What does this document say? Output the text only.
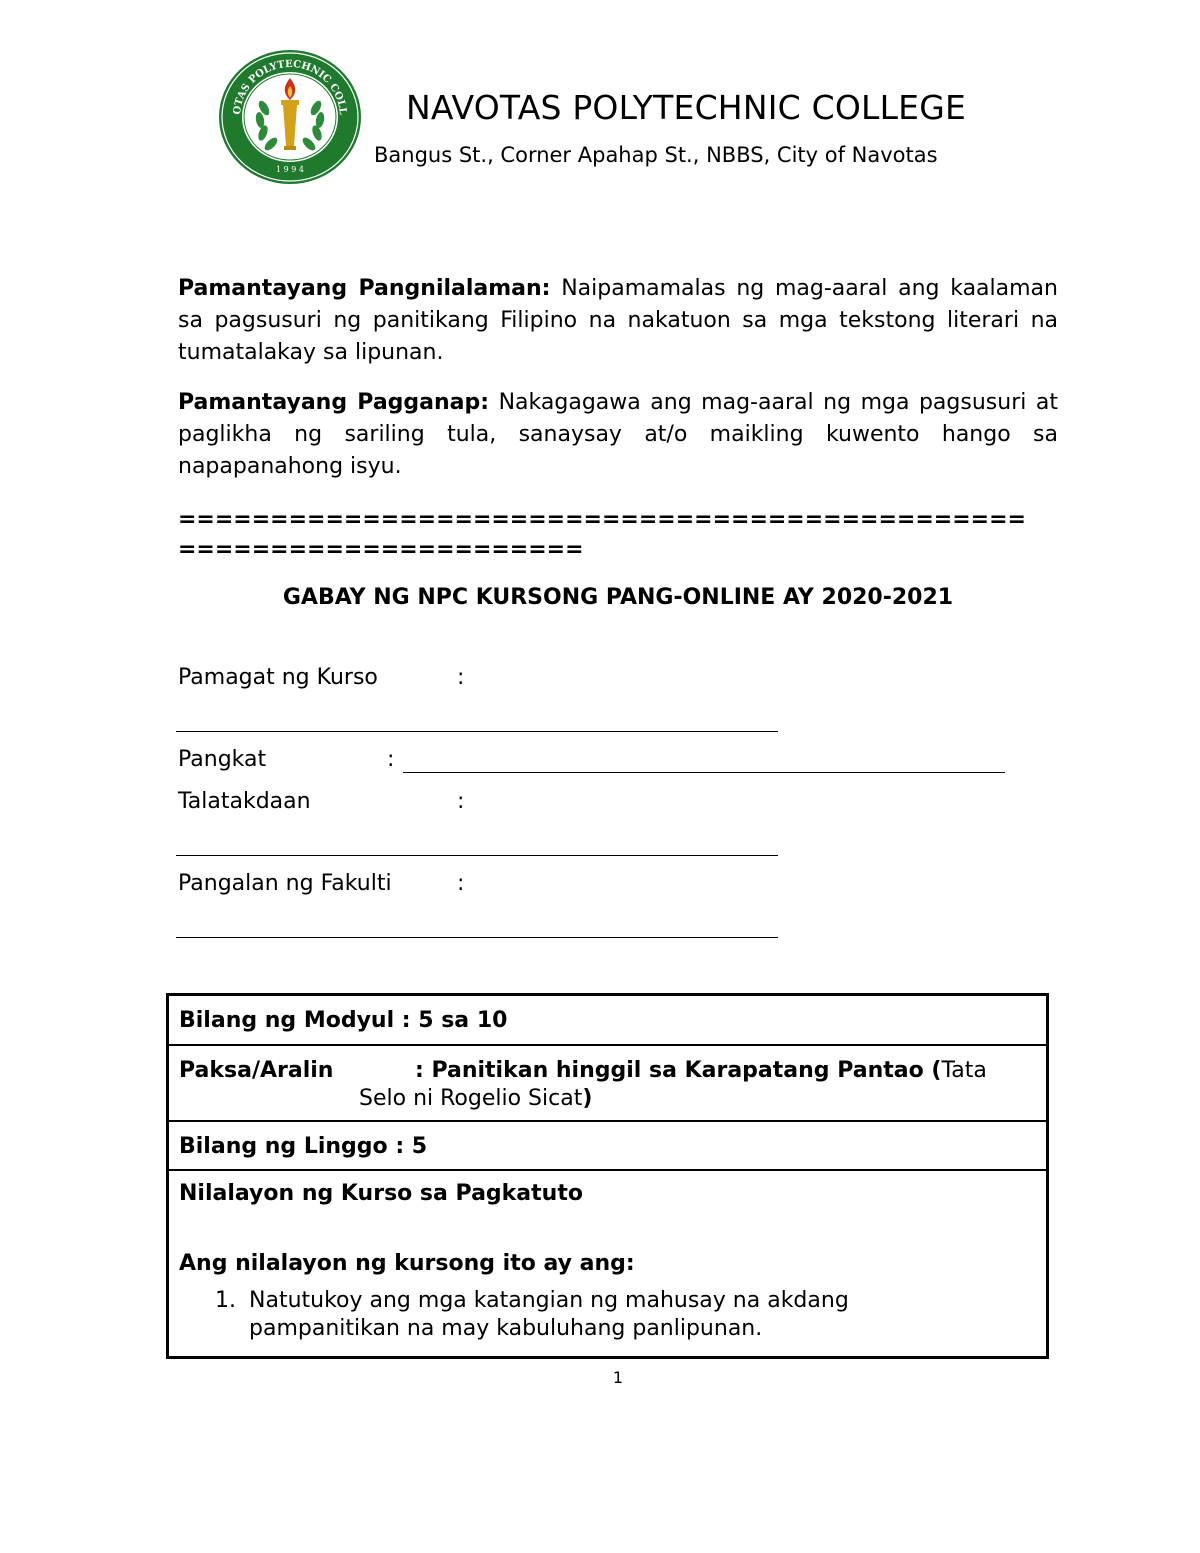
OTAS POLYTECHNIC COLL
1 9 9 4
NAVOTAS POLYTECHNIC COLLEGE
Bangus St., Corner Apahap St., NBBS, City of Navotas
Pamantayang Pangnilalaman: Naipamamalas ng mag-aaral ang kaalaman sa pagsusuri ng panitikang Filipino na nakatuon sa mga tekstong literari na tumatalakay sa lipunan.
Pamantayang Pagganap: Nakagagawa ang mag-aaral ng mga pagsusuri at paglikha ng sariling tula, sanaysay at/o maikling kuwento hango sa napapanahong isyu.
==============================================
======================
GABAY NG NPC KURSONG PANG-ONLINE AY 2020-2021
Pamagat ng Kurso	:
Pangkat	:
Talatakdaan	:
Pangalan ng Fakulti	:
Bilang ng Modyul : 5 sa 10
Paksa/Aralin	: Panitikan hinggil sa Karapatang Pantao (Tata
Selo ni Rogelio Sicat)
Bilang ng Linggo : 5
Nilalayon ng Kurso sa Pagkatuto
Ang nilalayon ng kursong ito ay ang:
1. Natutukoy ang mga katangian ng mahusay na akdang
pampanitikan na may kabuluhang panlipunan.
1
